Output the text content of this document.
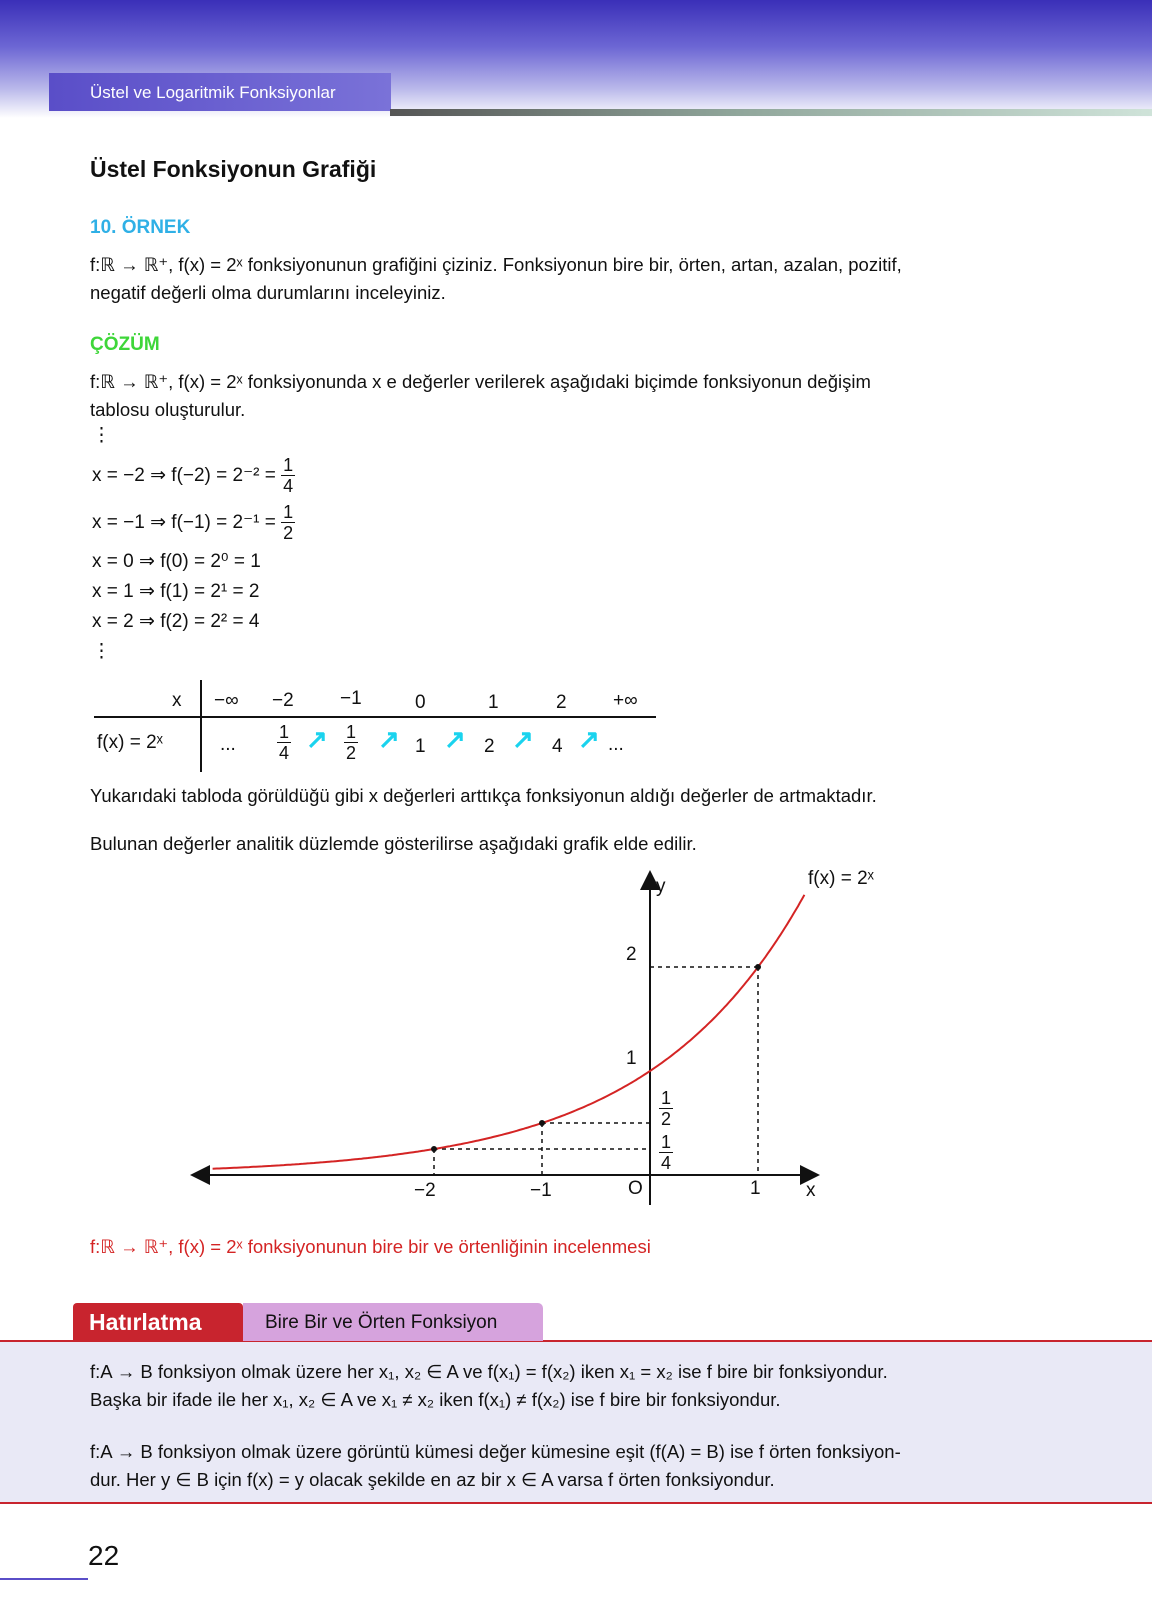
Üstel ve Logaritmik Fonksiyonlar
Üstel Fonksiyonun Grafiği
10. ÖRNEK
f:ℝ → ℝ⁺, f(x) = 2ˣ fonksiyonunun grafiğini çiziniz. Fonksiyonun bire bir, örten, artan, azalan, pozitif,
negatif değerli olma durumlarını inceleyiniz.
ÇÖZÜM
f:ℝ → ℝ⁺, f(x) = 2ˣ fonksiyonunda x e değerler verilerek aşağıdaki biçimde fonksiyonun değişim
tablosu oluşturulur.
⋮
x = −2 ⇒ $f(-2) = 2^{-2} = \frac{1}{4}$
x = −1 ⇒ $f(-1) = 2^{-1} = \frac{1}{2}$
x = 0 ⇒ f(0) = 2⁰ = 1
x = 1 ⇒ f(1) = 2¹ = 2
x = 2 ⇒ f(2) = 2² = 4
⋮
x −∞ −2 −1	0	1	2 +∞
f(x) = 2ˣ	... $\frac{1}{4}$ ↗ $\frac{1}{2}$ ↗ 1 ↗ 2 ↗ 4 ↗ ...
Yukarıdaki tabloda görüldüğü gibi x değerleri arttıkça fonksiyonun aldığı değerler de artmaktadır.
Bulunan değerler analitik düzlemde gösterilirse aşağıdaki grafik elde edilir.
y	f(x) = 2ˣ
2
1
$\frac{1}{2}$
$\frac{1}{4}$
−2	−1	O	1 x
f:ℝ → ℝ⁺, f(x) = 2ˣ fonksiyonunun bire bir ve örtenliğinin incelenmesi
Hatırlatma	Bire Bir ve Örten Fonksiyon
f:A → B fonksiyon olmak üzere her x₁, x₂ ∈ A ve f(x₁) = f(x₂) iken x₁ = x₂ ise f bire bir fonksiyondur.
Başka bir ifade ile her x₁, x₂ ∈ A ve x₁ ≠ x₂ iken f(x₁) ≠ f(x₂) ise f bire bir fonksiyondur.
f:A → B fonksiyon olmak üzere görüntü kümesi değer kümesine eşit (f(A) = B) ise f örten fonksiyon-
dur. Her y ∈ B için f(x) = y olacak şekilde en az bir x ∈ A varsa f örten fonksiyondur.
22
